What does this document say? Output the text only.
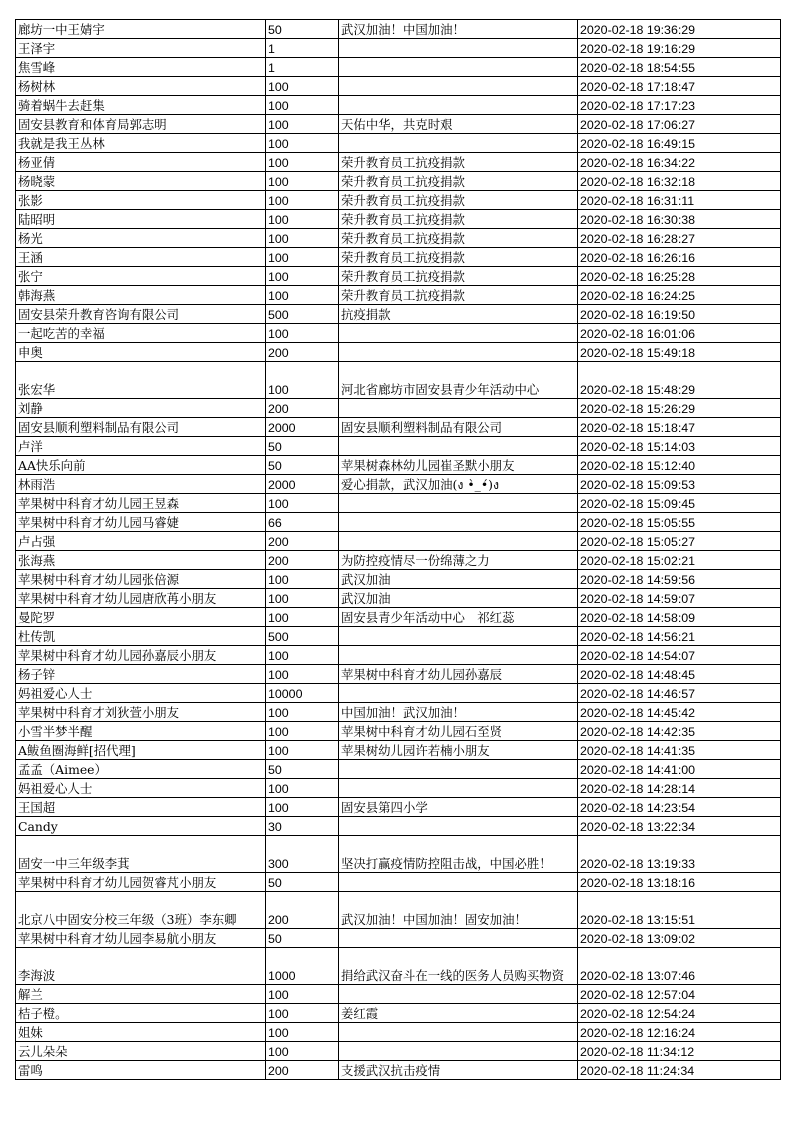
廊坊一中王婧宇	50	武汉加油！中国加油！	2020-02-18 19:36:29
王泽宇	1		2020-02-18 19:16:29
焦雪峰	1		2020-02-18 18:54:55
杨树林	100		2020-02-18 17:18:47
骑着蜗牛去赶集	100		2020-02-18 17:17:23
固安县教育和体育局郭志明	100	天佑中华，共克时艰	2020-02-18 17:06:27
我就是我王丛林	100		2020-02-18 16:49:15
杨亚倩	100	荣升教育员工抗疫捐款	2020-02-18 16:34:22
杨晓蒙	100	荣升教育员工抗疫捐款	2020-02-18 16:32:18
张影	100	荣升教育员工抗疫捐款	2020-02-18 16:31:11
陆昭明	100	荣升教育员工抗疫捐款	2020-02-18 16:30:38
杨光	100	荣升教育员工抗疫捐款	2020-02-18 16:28:27
王涵	100	荣升教育员工抗疫捐款	2020-02-18 16:26:16
张宁	100	荣升教育员工抗疫捐款	2020-02-18 16:25:28
韩海燕	100	荣升教育员工抗疫捐款	2020-02-18 16:24:25
固安县荣升教育咨询有限公司	500	抗疫捐款	2020-02-18 16:19:50
一起吃苦的幸福	100		2020-02-18 16:01:06
申奥	200		2020-02-18 15:49:18
张宏华	100	河北省廊坊市固安县青少年活动中心	2020-02-18 15:48:29
刘静	200		2020-02-18 15:26:29
固安县顺利塑料制品有限公司	2000	固安县顺利塑料制品有限公司	2020-02-18 15:18:47
卢洋	50		2020-02-18 15:14:03
AA快乐向前	50	苹果树森林幼儿园崔圣默小朋友	2020-02-18 15:12:40
林雨浩	2000	爱心捐款，武汉加油(ง •̀_•́)ง	2020-02-18 15:09:53
苹果树中科育才幼儿园王昱森	100		2020-02-18 15:09:45
苹果树中科育才幼儿园马睿婕	66		2020-02-18 15:05:55
卢占强	200		2020-02-18 15:05:27
张海燕	200	为防控疫情尽一份绵薄之力	2020-02-18 15:02:21
苹果树中科育才幼儿园张倍源	100	武汉加油	2020-02-18 14:59:56
苹果树中科育才幼儿园唐欣苒小朋友	100	武汉加油	2020-02-18 14:59:07
曼陀罗	100	固安县青少年活动中心　祁红蕊	2020-02-18 14:58:09
杜传凯	500		2020-02-18 14:56:21
苹果树中科育才幼儿园孙嘉辰小朋友	100		2020-02-18 14:54:07
杨子锌	100	苹果树中科育才幼儿园孙嘉辰	2020-02-18 14:48:45
妈祖爱心人士	10000		2020-02-18 14:46:57
苹果树中科育才刘狄萱小朋友	100	中国加油！武汉加油！	2020-02-18 14:45:42
小雪半梦半醒	100	苹果树中科育才幼儿园石至贤	2020-02-18 14:42:35
A鲅鱼圈海鲜[招代理]	100	苹果树幼儿园许若楠小朋友	2020-02-18 14:41:35
孟孟（Aimee）	50		2020-02-18 14:41:00
妈祖爱心人士	100		2020-02-18 14:28:14
王国超	100	固安县第四小学	2020-02-18 14:23:54
Candy	30		2020-02-18 13:22:34
固安一中三年级李萁	300	坚决打赢疫情防控阻击战，中国必胜！	2020-02-18 13:19:33
苹果树中科育才幼儿园贺睿芃小朋友	50		2020-02-18 13:18:16
北京八中固安分校三年级（3班）李东卿	200	武汉加油！中国加油！固安加油！	2020-02-18 13:15:51
苹果树中科育才幼儿园李易航小朋友	50		2020-02-18 13:09:02
李海波	1000	捐给武汉奋斗在一线的医务人员购买物资	2020-02-18 13:07:46
解兰	100		2020-02-18 12:57:04
桔子橙。	100	姜红霞	2020-02-18 12:54:24
姐妹	100		2020-02-18 12:16:24
云儿朵朵	100		2020-02-18 11:34:12
雷鸣	200	支援武汉抗击疫情	2020-02-18 11:24:34
